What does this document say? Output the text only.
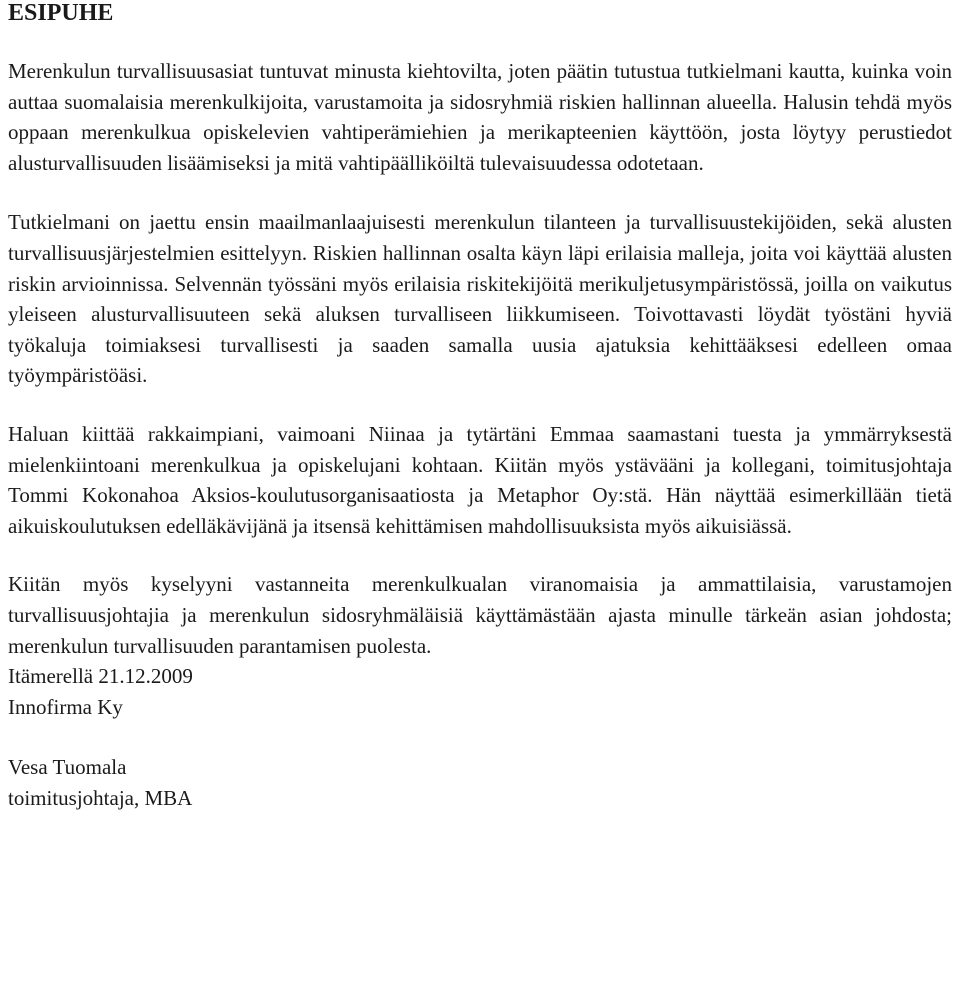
ESIPUHE

Merenkulun turvallisuusasiat tuntuvat minusta kiehtovilta, joten päätin tutustua tutkielmani kautta, kuinka voin auttaa suomalaisia merenkulkijoita, varustamoita ja sidosryhmiä riskien hallinnan alueella. Halusin tehdä myös oppaan merenkulkua opiskelevien vahtiperämiehien ja merikapteenien käyttöön, josta löytyy perustiedot alusturvallisuuden lisäämiseksi ja mitä vahtipäälliköiltä tulevaisuudessa odotetaan.

Tutkielmani on jaettu ensin maailmanlaajuisesti merenkulun tilanteen ja turvallisuustekijöiden, sekä alusten turvallisuusjärjestelmien esittelyyn. Riskien hallinnan osalta käyn läpi erilaisia malleja, joita voi käyttää alusten riskin arvioinnissa. Selvennän työssäni myös erilaisia riskitekijöitä merikuljetusympäristössä, joilla on vaikutus yleiseen alusturvallisuuteen sekä aluksen turvalliseen liikkumiseen. Toivottavasti löydät työstäni hyviä työkaluja toimiaksesi turvallisesti ja saaden samalla uusia ajatuksia kehittääksesi edelleen omaa työympäristöäsi.

Haluan kiittää rakkaimpiani, vaimoani Niinaa ja tytärtäni Emmaa saamastani tuesta ja ymmärryksestä mielenkiintoani merenkulkua ja opiskelujani kohtaan. Kiitän myös ystävääni ja kollegani, toimitusjohtaja Tommi Kokonahoa Aksios-koulutusorganisaatiosta ja Metaphor Oy:stä. Hän näyttää esimerkillään tietä aikuiskoulutuksen edelläkävijänä ja itsensä kehittämisen mahdollisuuksista myös aikuisiässä.

Kiitän myös kyselyyni vastanneita merenkulkualan viranomaisia ja ammattilaisia, varustamojen turvallisuusjohtajia ja merenkulun sidosryhmäläisiä käyttämästään ajasta minulle tärkeän asian johdosta; merenkulun turvallisuuden parantamisen puolesta.

Itämerellä 21.12.2009
Innofirma Ky
Vesa Tuomala
toimitusjohtaja, MBA
